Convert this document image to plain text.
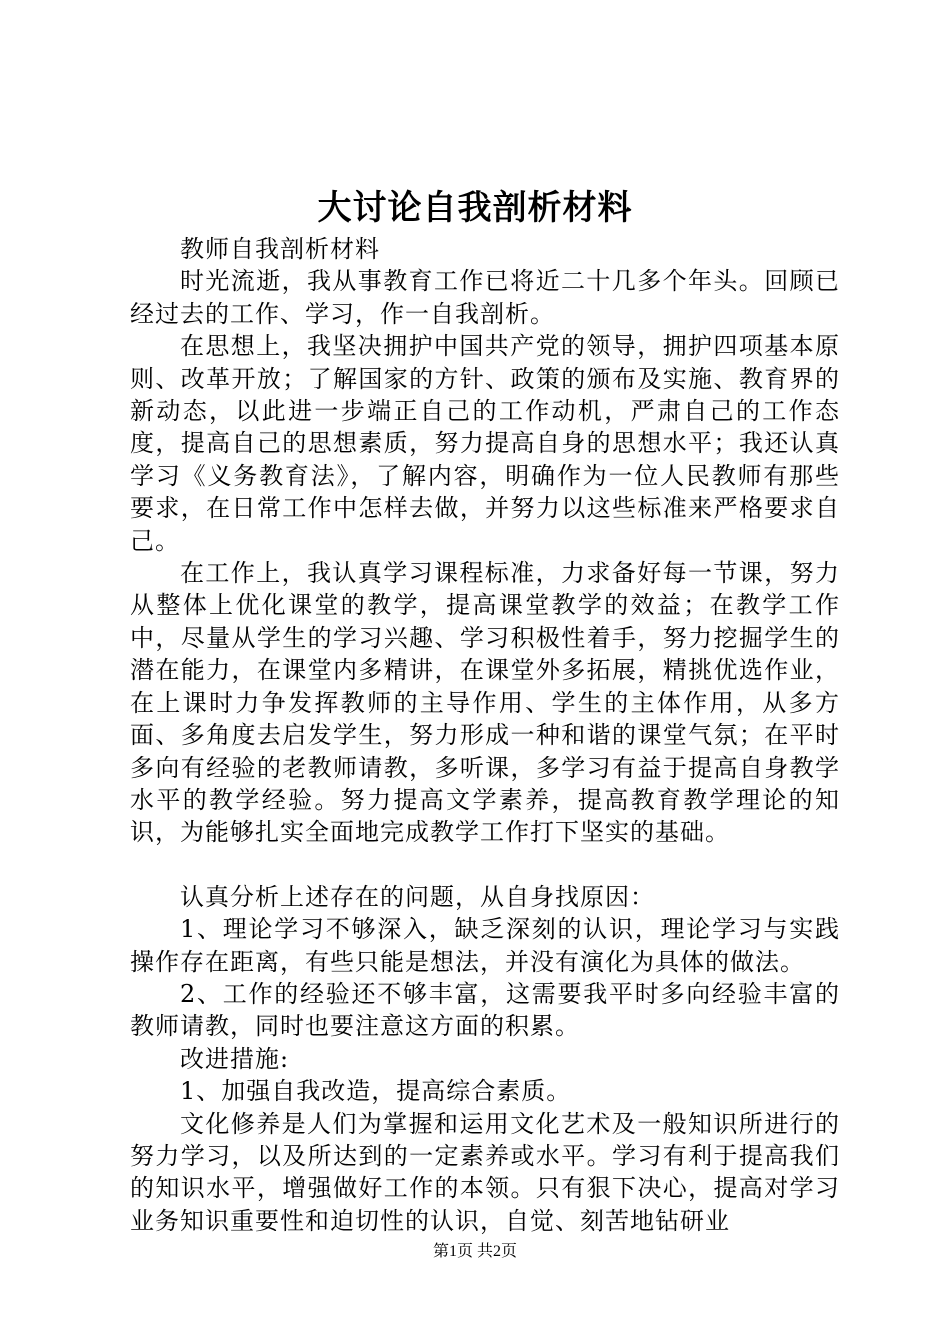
大讨论自我剖析材料

教师自我剖析材料

时光流逝，我从事教育工作已将近二十几多个年头。回顾已经过去的工作、学习，作一自我剖析。

在思想上，我坚决拥护中国共产党的领导，拥护四项基本原则、改革开放；了解国家的方针、政策的颁布及实施、教育界的新动态，以此进一步端正自己的工作动机，严肃自己的工作态度，提高自己的思想素质，努力提高自身的思想水平；我还认真学习《义务教育法》，了解内容，明确作为一位人民教师有那些要求，在日常工作中怎样去做，并努力以这些标准来严格要求自己。

在工作上，我认真学习课程标准，力求备好每一节课，努力从整体上优化课堂的教学，提高课堂教学的效益；在教学工作中，尽量从学生的学习兴趣、学习积极性着手，努力挖掘学生的潜在能力，在课堂内多精讲，在课堂外多拓展，精挑优选作业，在上课时力争发挥教师的主导作用、学生的主体作用，从多方面、多角度去启发学生，努力形成一种和谐的课堂气氛；在平时多向有经验的老教师请教，多听课，多学习有益于提高自身教学水平的教学经验。努力提高文学素养，提高教育教学理论的知识，为能够扎实全面地完成教学工作打下坚实的基础。

认真分析上述存在的问题，从自身找原因：

1、理论学习不够深入，缺乏深刻的认识，理论学习与实践操作存在距离，有些只能是想法，并没有演化为具体的做法。

2、工作的经验还不够丰富，这需要我平时多向经验丰富的教师请教，同时也要注意这方面的积累。

改进措施:

1、加强自我改造，提高综合素质。

文化修养是人们为掌握和运用文化艺术及一般知识所进行的努力学习，以及所达到的一定素养或水平。学习有利于提高我们的知识水平，增强做好工作的本领。只有狠下决心，提高对学习业务知识重要性和迫切性的认识，自觉、刻苦地钻研业

第1页 共2页
